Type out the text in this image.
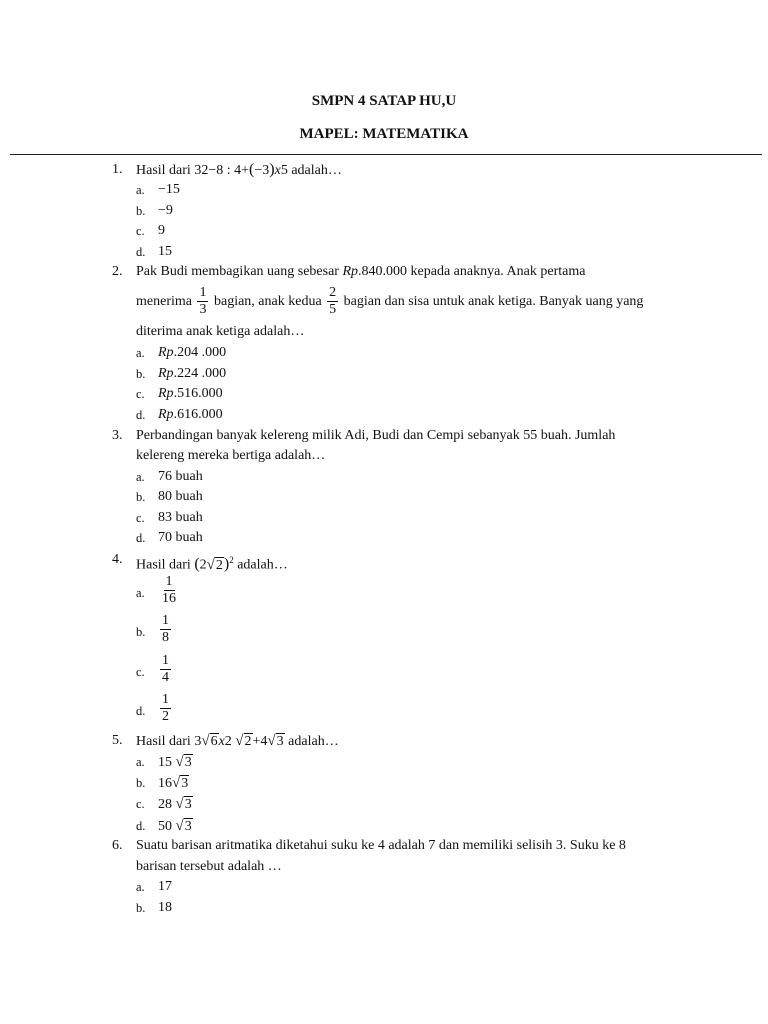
SMPN 4 SATAP HU,U
MAPEL: MATEMATIKA
1. Hasil dari 32−8 : 4+(−3)x5 adalah…
a. −15
b. −9
c. 9
d. 15
2. Pak Budi membagikan uang sebesar Rp.840.000 kepada anaknya. Anak pertama
menerima $\frac{1}{3}$ bagian, anak kedua $\frac{2}{5}$ bagian dan sisa untuk anak ketiga. Banyak uang yang
diterima anak ketiga adalah…
a. Rp.204 .000
b. Rp.224 .000
c. Rp.516.000
d. Rp.616.000
3. Perbandingan banyak kelereng milik Adi, Budi dan Cempi sebanyak 55 buah. Jumlah
kelereng mereka bertiga adalah…
a. 76 buah
b. 80 buah
c. 83 buah
d. 70 buah
4. Hasil dari $(2√2)^2$ adalah…
a. $\frac{1}{16}$
b. $\frac{1}{8}$
c. $\frac{1}{4}$
d. $\frac{1}{2}$
5. Hasil dari 3√6x2 √2+4√3 adalah…
a. 15 √3
b. 16√3
c. 28 √3
d. 50 √3
6. Suatu barisan aritmatika diketahui suku ke 4 adalah 7 dan memiliki selisih 3. Suku ke 8
barisan tersebut adalah …
a. 17
b. 18
